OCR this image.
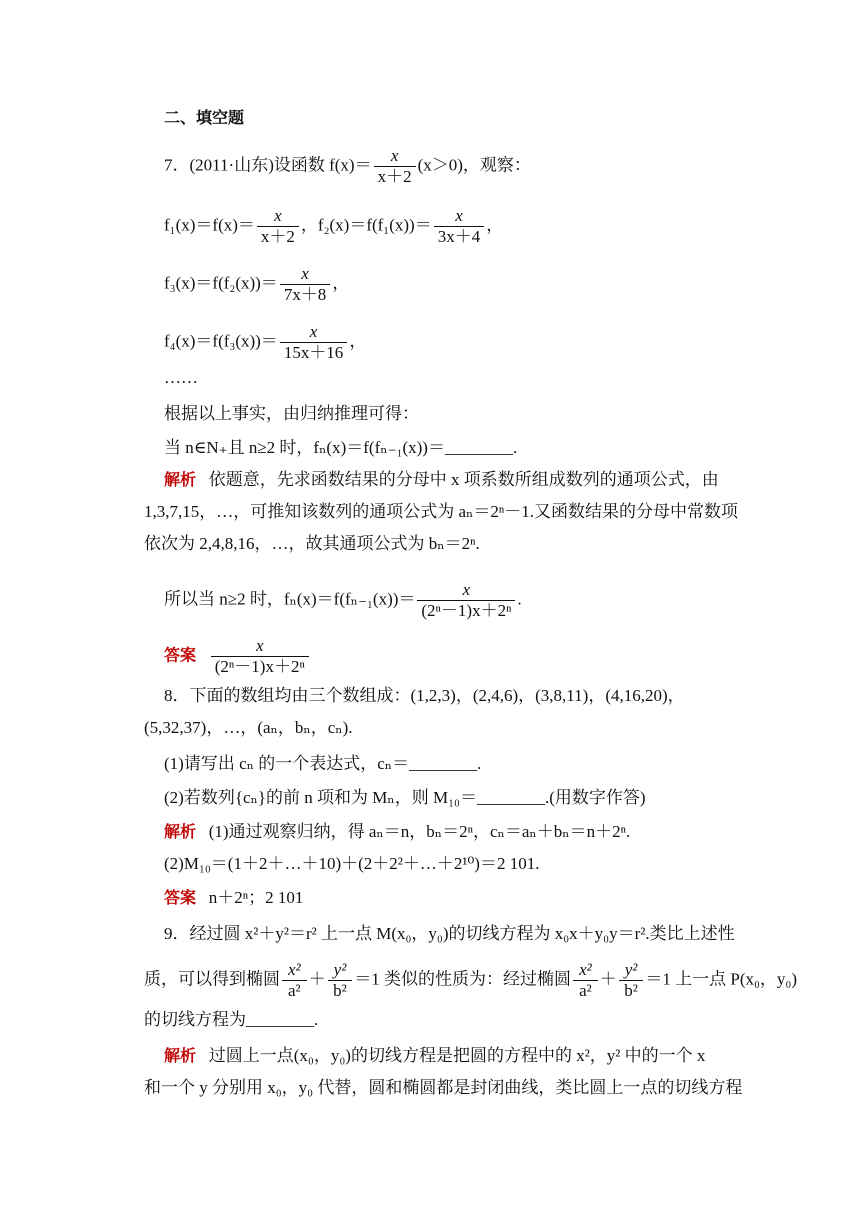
二、填空题
7．(2011·山东)设函数 $f(x)= \frac{x}{x+2} (x>0)$，观察：
$f_1(x)=f(x)= \frac{x}{x+2}$ ，$f_2(x)=f(f_1(x))= \frac{x}{3x+4}$ ，
$f_3(x)=f(f_2(x))= \frac{x}{7x+8}$ ，
$f_4(x)=f(f_3(x))= \frac{x}{15x+16}$ ，
……
根据以上事实，由归纳推理可得：
当 n∈N₊且 n≥2 时，fₙ(x)＝f(fₙ₋₁(x))＝________.
解析 依题意，先求函数结果的分母中 x 项系数所组成数列的通项公式，由
1,3,7,15，…，可推知该数列的通项公式为 aₙ＝2ⁿ－1.又函数结果的分母中常数项
依次为 2,4,8,16，…，故其通项公式为 bₙ＝2ⁿ.
所以当 n≥2 时，$f_n(x)=f(f_{n-1}(x))= \frac{x}{\text{(2ⁿ－1)x＋2ⁿ}}$ .
答案 $\frac{x}{\text{(2ⁿ－1)x＋2ⁿ}}$
8．下面的数组均由三个数组成：(1,2,3)，(2,4,6)，(3,8,11)，(4,16,20)，
(5,32,37)，…，(aₙ，bₙ，cₙ).
(1)请写出 cₙ 的一个表达式，cₙ＝________.
(2)若数列{cₙ}的前 n 项和为 Mₙ，则 M₁₀＝________.(用数字作答)
解析 (1)通过观察归纳，得 aₙ＝n，bₙ＝2ⁿ，cₙ＝aₙ＋bₙ＝n＋2ⁿ.
(2)M₁₀＝(1＋2＋…＋10)＋(2＋2²＋…＋2¹⁰)＝2 101.
答案 n＋2ⁿ；2 101
9．经过圆 x²＋y²＝r² 上一点 M(x₀，y₀)的切线方程为 x₀x＋y₀y＝r².类比上述性
质，可以得到椭圆 $\frac{\text{x²}}{\text{a²}} + \frac{\text{y²}}{\text{b²}} =1$ 类似的性质为：经过椭圆 $\frac{\text{x²}}{\text{a²}} + \frac{\text{y²}}{\text{b²}} =1$ 上一点 P(x₀，y₀)
的切线方程为________.
解析 过圆上一点(x₀，y₀)的切线方程是把圆的方程中的 x²，y² 中的一个 x
和一个 y 分别用 x₀，y₀ 代替，圆和椭圆都是封闭曲线，类比圆上一点的切线方程
